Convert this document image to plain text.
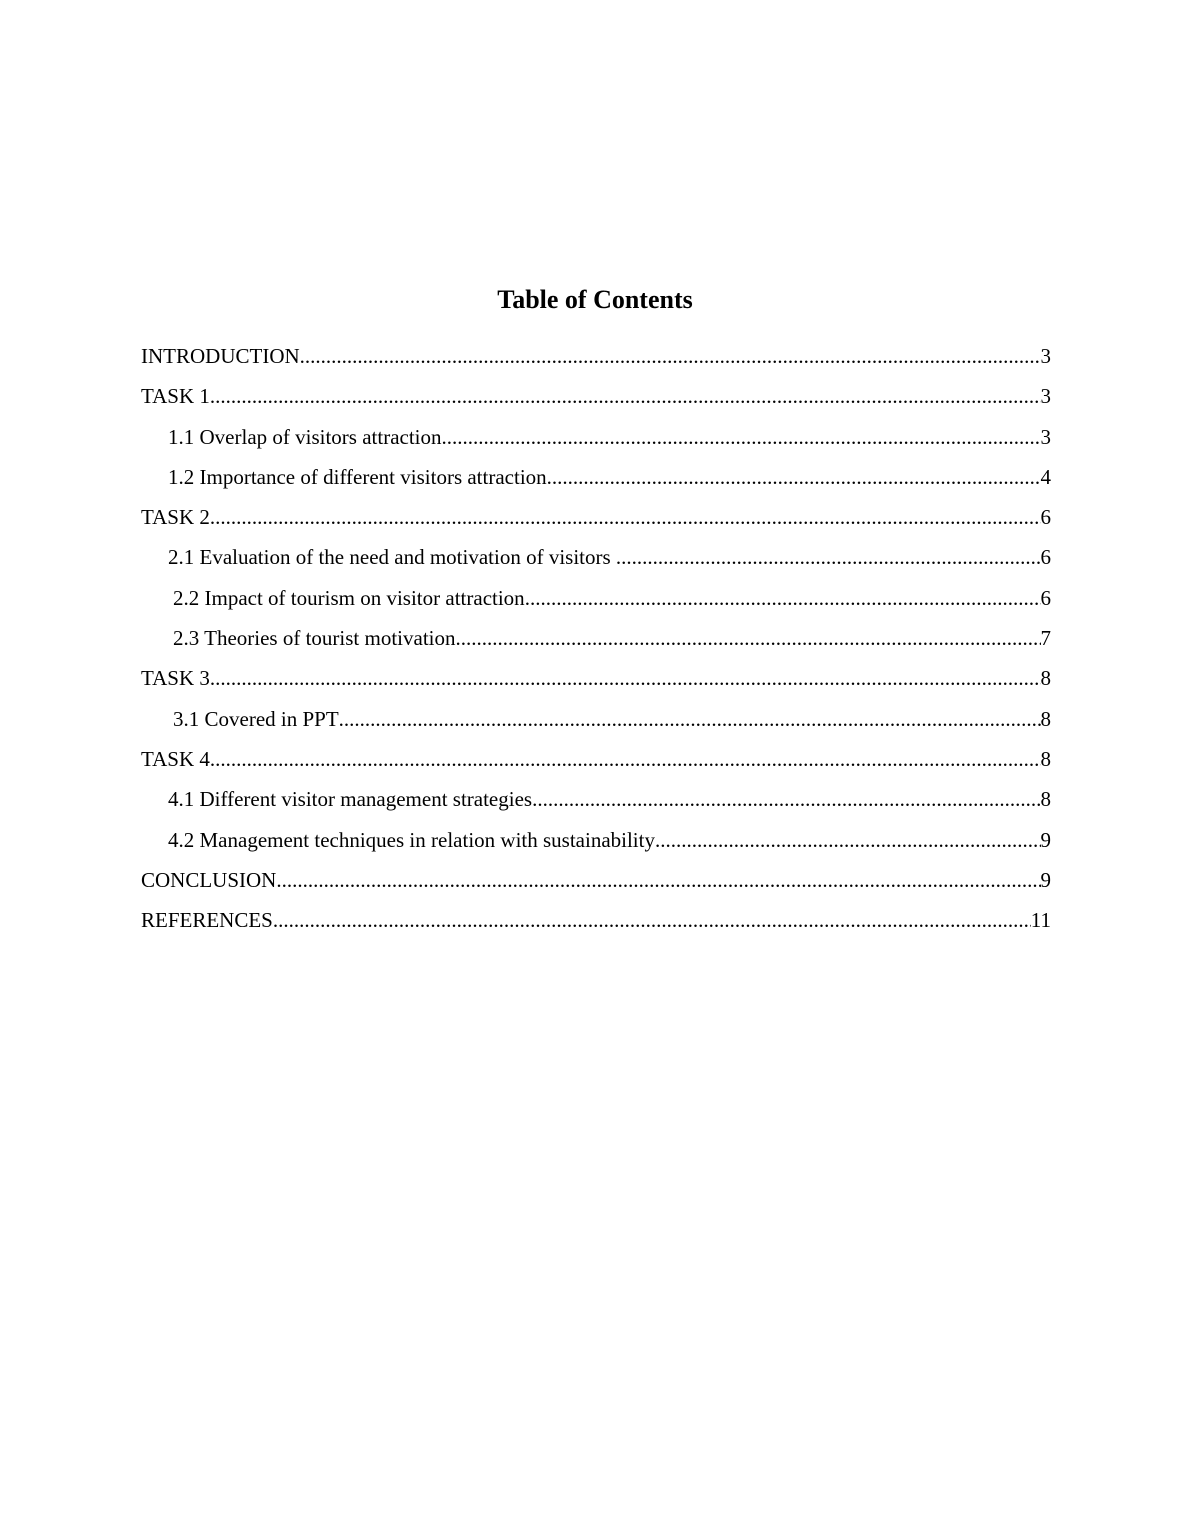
Table of Contents
INTRODUCTION .....	3
TASK 1 .....	3
1.1 Overlap of visitors attraction .....	3
1.2 Importance of different visitors attraction .....	4
TASK 2 .....	6
2.1 Evaluation of the need and motivation of visitors .....	6
2.2 Impact of tourism on visitor attraction .....	6
2.3 Theories of tourist motivation .....	7
TASK 3 .....	8
3.1 Covered in PPT .....	8
TASK 4 .....	8
4.1 Different visitor management strategies .....	8
4.2 Management techniques in relation with sustainability .....	9
CONCLUSION .....	9
REFERENCES .....	11
